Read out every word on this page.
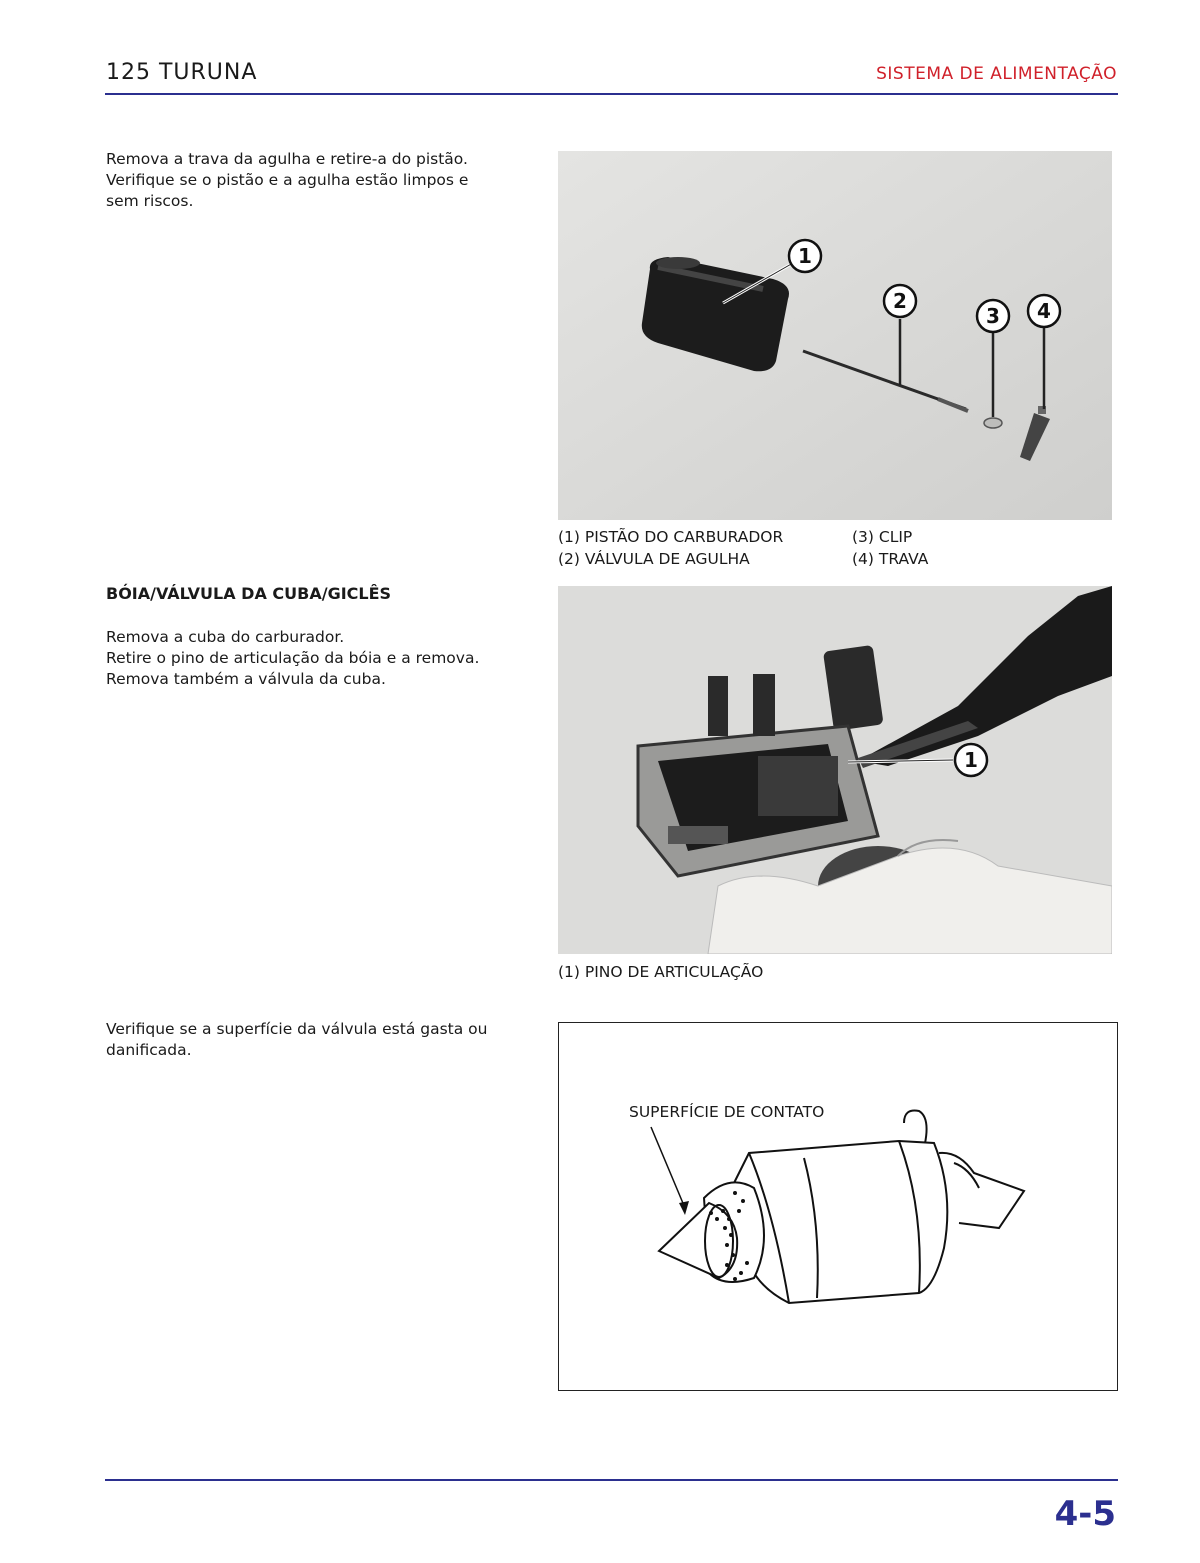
125 TURUNA	SISTEMA DE ALIMENTAÇÃO
Remova a trava da agulha e retire-a do pistão.
Verifique se o pistão e a agulha estão limpos e
sem riscos.
1
2
3 4
(1) PISTÃO DO CARBURADOR
(2) VÁLVULA DE AGULHA
(3) CLIP
(4) TRAVA
BÓIA/VÁLVULA DA CUBA/GICLÊS
Remova a cuba do carburador.
Retire o pino de articulação da bóia e a remova.
Remova também a válvula da cuba.
1
(1) PINO DE ARTICULAÇÃO
Verifique se a superfície da válvula está gasta ou
danificada.
SUPERFÍCIE DE CONTATO
4-5
